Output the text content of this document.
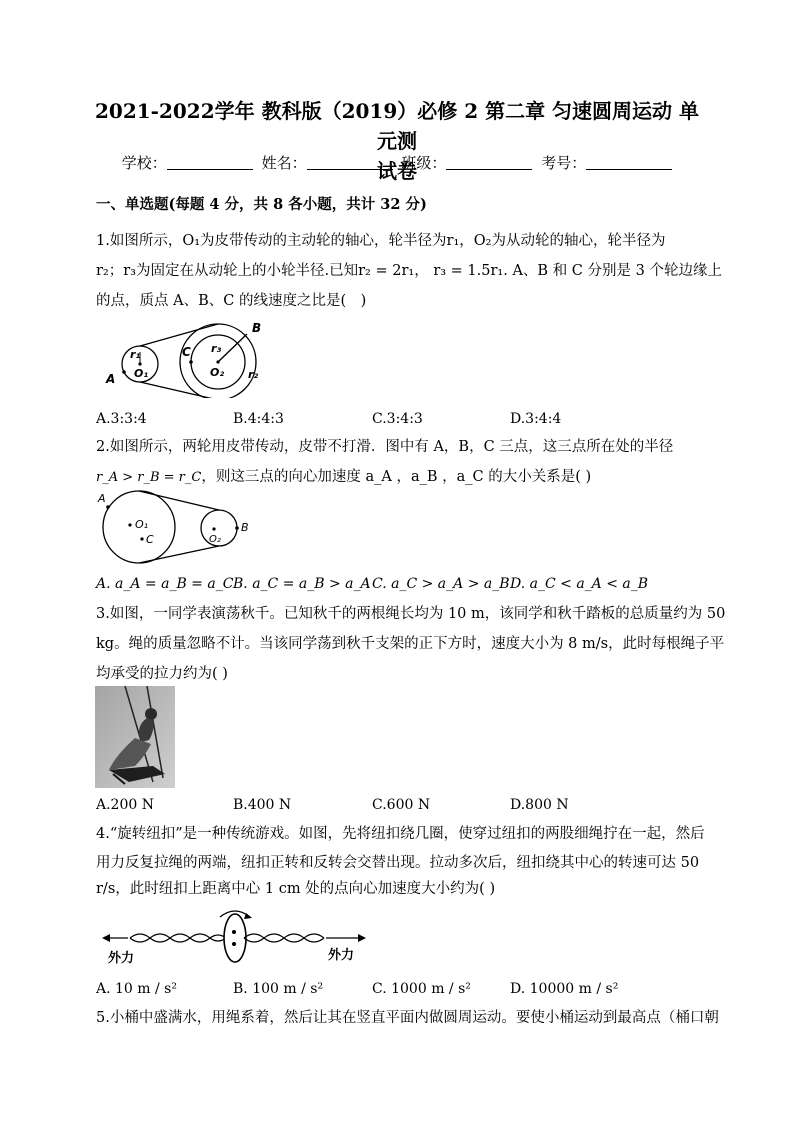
2021-2022学年 教科版（2019）必修 2 第二章 匀速圆周运动 单元测
试卷
学校：	姓名：	班级：	考号：
一、单选题(每题 4 分，共 8 各小题，共计 32 分)
1.如图所示，O₁为皮带传动的主动轮的轴心，轮半径为r₁，O₂为从动轮的轴心，轮半径为
r₂；r₃为固定在从动轮上的小轮半径.已知r₂ = 2r₁， r₃ = 1.5r₁. A、B 和 C 分别是 3 个轮边缘上
的点，质点 A、B、C 的线速度之比是(　)
r₁
O₁
A
C r₃
O₂
B
r₂
A.3:3:4	B.4:4:3	C.3:4:3	D.3:4:4
2.如图所示，两轮用皮带传动，皮带不打滑．图中有 A，B，C 三点，这三点所在处的半径
r_A > r_B = r_C，则这三点的向心加速度 a_A ，a_B ，a_C 的大小关系是( )
A
O₁
C	O₂
B
A. a_A = a_B = a_C B. a_C = a_B > a_A C. a_C > a_A > a_B D. a_C < a_A < a_B
3.如图，一同学表演荡秋千。已知秋千的两根绳长均为 10 m，该同学和秋千踏板的总质量约为 50
kg。绳的质量忽略不计。当该同学荡到秋千支架的正下方时，速度大小为 8 m/s，此时每根绳子平
均承受的拉力约为( )
A.200 N	B.400 N	C.600 N	D.800 N
4.“旋转纽扣”是一种传统游戏。如图，先将纽扣绕几圈，使穿过纽扣的两股细绳拧在一起，然后
用力反复拉绳的两端，纽扣正转和反转会交替出现。拉动多次后，纽扣绕其中心的转速可达 50
r/s，此时纽扣上距离中心 1 cm 处的点向心加速度大小约为( )
外力	外力
A. 10 m / s²	B. 100 m / s²	C. 1000 m / s²	D. 10000 m / s²
5.小桶中盛满水，用绳系着，然后让其在竖直平面内做圆周运动。要使小桶运动到最高点（桶口朝
